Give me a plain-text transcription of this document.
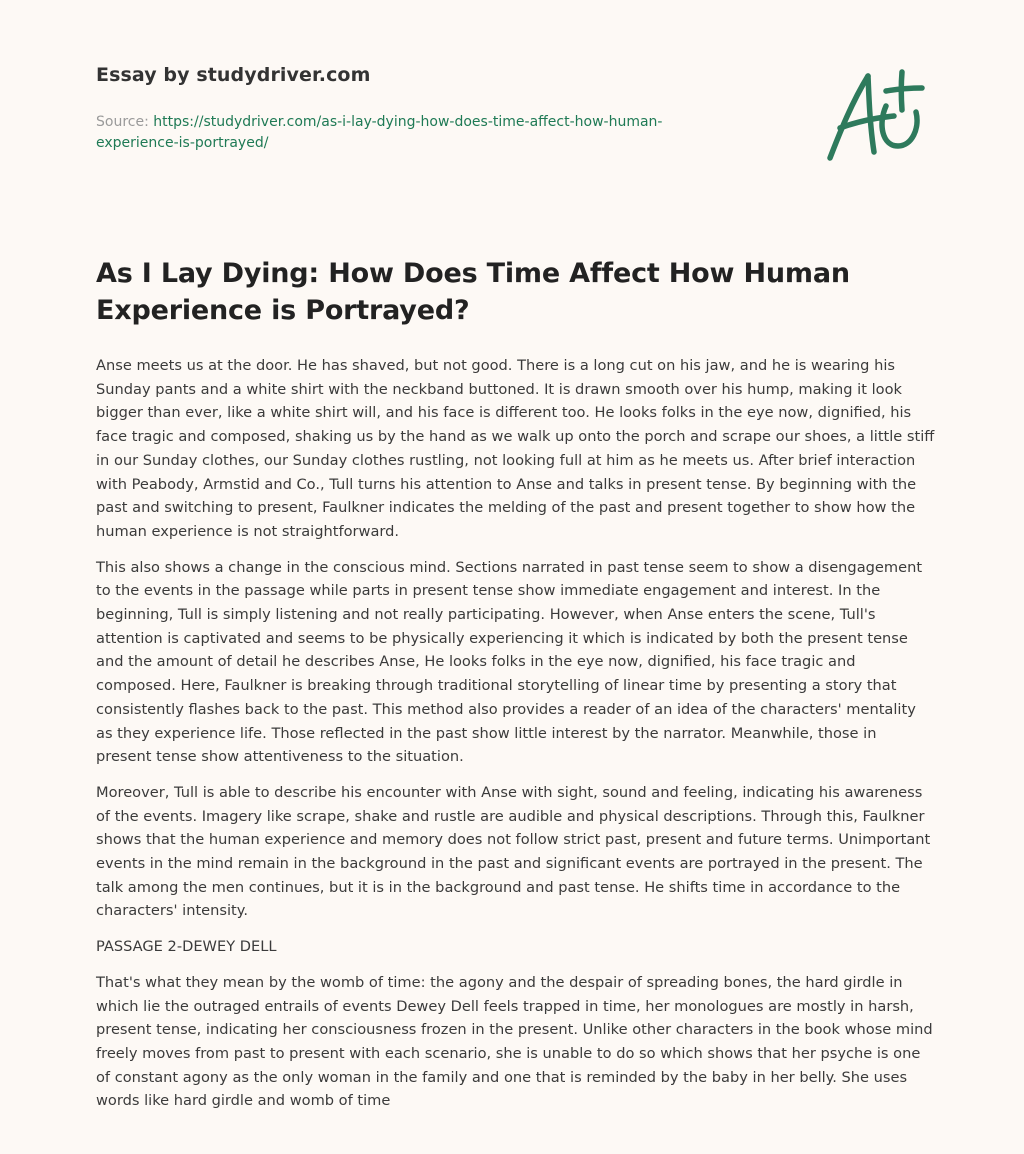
Essay by studydriver.com
Source: https://studydriver.com/as-i-lay-dying-how-does-time-affect-how-human-experience-is-portrayed/
As I Lay Dying: How Does Time Affect How Human Experience is Portrayed?

Anse meets us at the door. He has shaved, but not good. There is a long cut on his jaw, and he is wearing his Sunday pants and a white shirt with the neckband buttoned. It is drawn smooth over his hump, making it look bigger than ever, like a white shirt will, and his face is different too. He looks folks in the eye now, dignified, his face tragic and composed, shaking us by the hand as we walk up onto the porch and scrape our shoes, a little stiff in our Sunday clothes, our Sunday clothes rustling, not looking full at him as he meets us. After brief interaction with Peabody, Armstid and Co., Tull turns his attention to Anse and talks in present tense. By beginning with the past and switching to present, Faulkner indicates the melding of the past and present together to show how the human experience is not straightforward.

This also shows a change in the conscious mind. Sections narrated in past tense seem to show a disengagement to the events in the passage while parts in present tense show immediate engagement and interest. In the beginning, Tull is simply listening and not really participating. However, when Anse enters the scene, Tull's attention is captivated and seems to be physically experiencing it which is indicated by both the present tense and the amount of detail he describes Anse, He looks folks in the eye now, dignified, his face tragic and composed. Here, Faulkner is breaking through traditional storytelling of linear time by presenting a story that consistently flashes back to the past. This method also provides a reader of an idea of the characters' mentality as they experience life. Those reflected in the past show little interest by the narrator. Meanwhile, those in present tense show attentiveness to the situation.

Moreover, Tull is able to describe his encounter with Anse with sight, sound and feeling, indicating his awareness of the events. Imagery like scrape, shake and rustle are audible and physical descriptions. Through this, Faulkner shows that the human experience and memory does not follow strict past, present and future terms. Unimportant events in the mind remain in the background in the past and significant events are portrayed in the present. The talk among the men continues, but it is in the background and past tense. He shifts time in accordance to the characters' intensity.

PASSAGE 2-DEWEY DELL

That's what they mean by the womb of time: the agony and the despair of spreading bones, the hard girdle in which lie the outraged entrails of events Dewey Dell feels trapped in time, her monologues are mostly in harsh, present tense, indicating her consciousness frozen in the present. Unlike other characters in the book whose mind freely moves from past to present with each scenario, she is unable to do so which shows that her psyche is one of constant agony as the only woman in the family and one that is reminded by the baby in her belly. She uses words like hard girdle and womb of time
